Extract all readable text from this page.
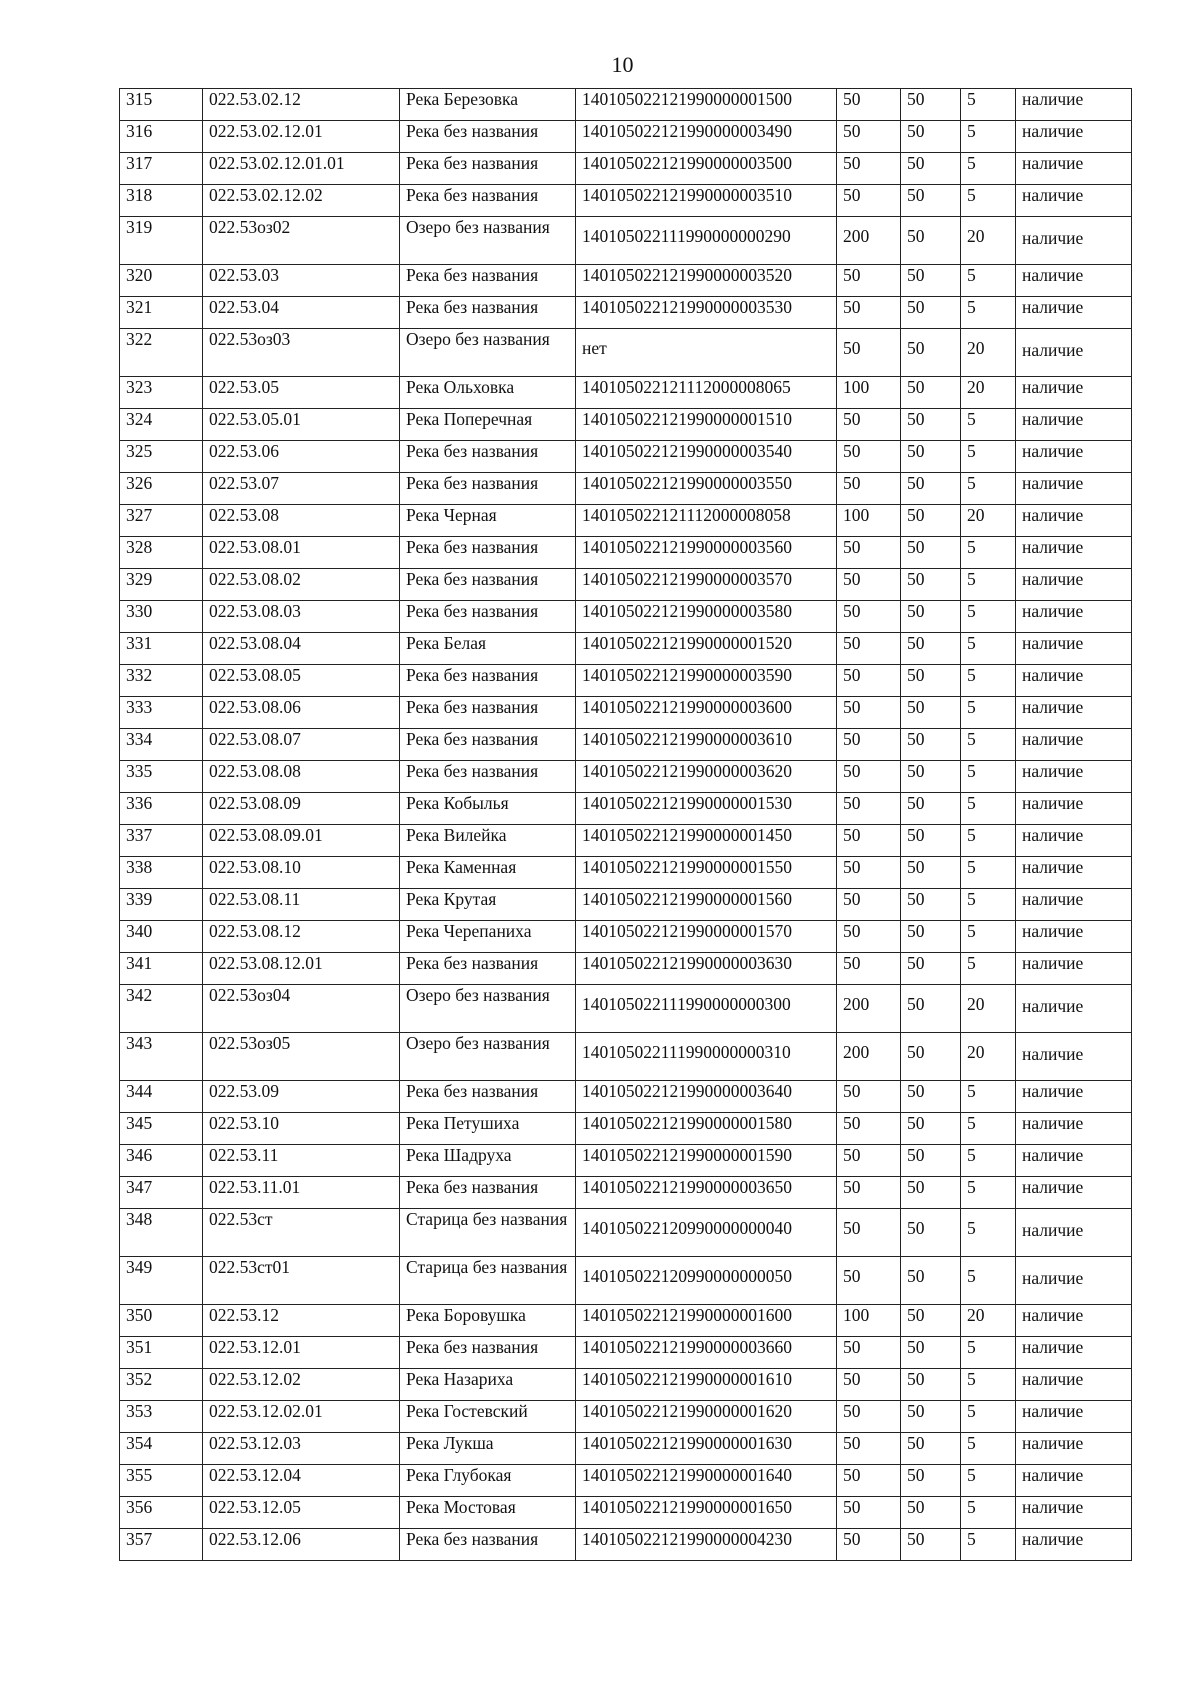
10
315	022.53.02.12	Река Березовка	140105022121990000001500	50	50	5	наличие
316	022.53.02.12.01	Река без названия	140105022121990000003490	50	50	5	наличие
317	022.53.02.12.01.01	Река без названия	140105022121990000003500	50	50	5	наличие
318	022.53.02.12.02	Река без названия	140105022121990000003510	50	50	5	наличие
319	022.53оз02	Озеро без названия	140105022111990000000290	200	50	20	наличие
320	022.53.03	Река без названия	140105022121990000003520	50	50	5	наличие
321	022.53.04	Река без названия	140105022121990000003530	50	50	5	наличие
322	022.53оз03	Озеро без названия	нет	50	50	20	наличие
323	022.53.05	Река Ольховка	140105022121112000008065	100	50	20	наличие
324	022.53.05.01	Река Поперечная	140105022121990000001510	50	50	5	наличие
325	022.53.06	Река без названия	140105022121990000003540	50	50	5	наличие
326	022.53.07	Река без названия	140105022121990000003550	50	50	5	наличие
327	022.53.08	Река Черная	140105022121112000008058	100	50	20	наличие
328	022.53.08.01	Река без названия	140105022121990000003560	50	50	5	наличие
329	022.53.08.02	Река без названия	140105022121990000003570	50	50	5	наличие
330	022.53.08.03	Река без названия	140105022121990000003580	50	50	5	наличие
331	022.53.08.04	Река Белая	140105022121990000001520	50	50	5	наличие
332	022.53.08.05	Река без названия	140105022121990000003590	50	50	5	наличие
333	022.53.08.06	Река без названия	140105022121990000003600	50	50	5	наличие
334	022.53.08.07	Река без названия	140105022121990000003610	50	50	5	наличие
335	022.53.08.08	Река без названия	140105022121990000003620	50	50	5	наличие
336	022.53.08.09	Река Кобылья	140105022121990000001530	50	50	5	наличие
337	022.53.08.09.01	Река Вилейка	140105022121990000001450	50	50	5	наличие
338	022.53.08.10	Река Каменная	140105022121990000001550	50	50	5	наличие
339	022.53.08.11	Река Крутая	140105022121990000001560	50	50	5	наличие
340	022.53.08.12	Река Черепаниха	140105022121990000001570	50	50	5	наличие
341	022.53.08.12.01	Река без названия	140105022121990000003630	50	50	5	наличие
342	022.53оз04	Озеро без названия	140105022111990000000300	200	50	20	наличие
343	022.53оз05	Озеро без названия	140105022111990000000310	200	50	20	наличие
344	022.53.09	Река без названия	140105022121990000003640	50	50	5	наличие
345	022.53.10	Река Петушиха	140105022121990000001580	50	50	5	наличие
346	022.53.11	Река Шадруха	140105022121990000001590	50	50	5	наличие
347	022.53.11.01	Река без названия	140105022121990000003650	50	50	5	наличие
348	022.53ст	Старица без названия	140105022120990000000040	50	50	5	наличие
349	022.53ст01	Старица без названия	140105022120990000000050	50	50	5	наличие
350	022.53.12	Река Боровушка	140105022121990000001600	100	50	20	наличие
351	022.53.12.01	Река без названия	140105022121990000003660	50	50	5	наличие
352	022.53.12.02	Река Назариха	140105022121990000001610	50	50	5	наличие
353	022.53.12.02.01	Река Гостевский	140105022121990000001620	50	50	5	наличие
354	022.53.12.03	Река Лукша	140105022121990000001630	50	50	5	наличие
355	022.53.12.04	Река Глубокая	140105022121990000001640	50	50	5	наличие
356	022.53.12.05	Река Мостовая	140105022121990000001650	50	50	5	наличие
357	022.53.12.06	Река без названия	140105022121990000004230	50	50	5	наличие
